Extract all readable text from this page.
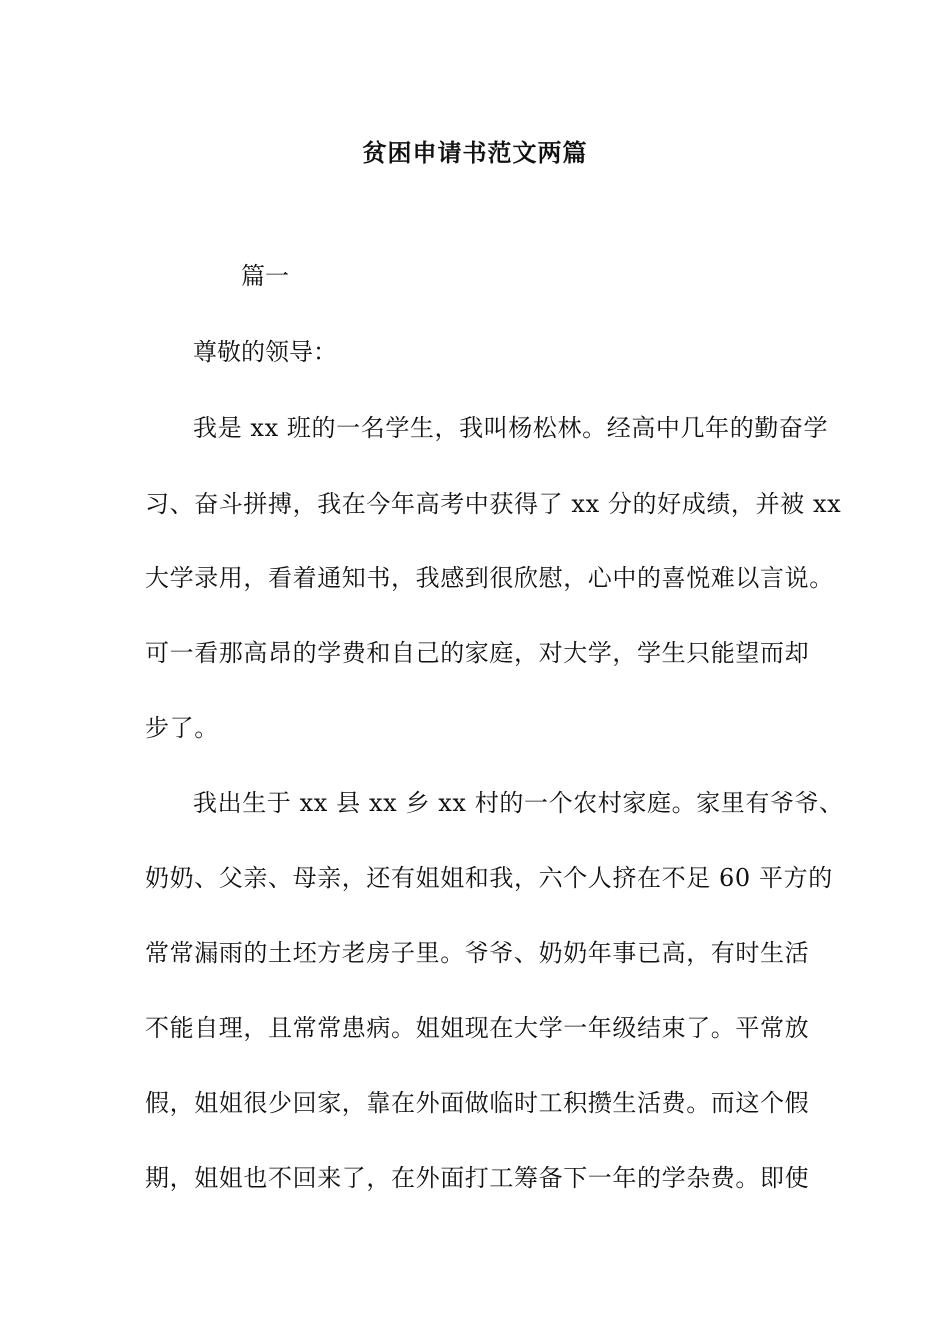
贫困申请书范文两篇
篇一
尊敬的领导：
我是 xx 班的一名学生，我叫杨松林。经高中几年的勤奋学
习、奋斗拼搏，我在今年高考中获得了 xx 分的好成绩，并被 xx
大学录用，看着通知书，我感到很欣慰，心中的喜悦难以言说。
可一看那高昂的学费和自己的家庭，对大学，学生只能望而却
步了。
我出生于 xx 县 xx 乡 xx 村的一个农村家庭。家里有爷爷、
奶奶、父亲、母亲，还有姐姐和我，六个人挤在不足 60 平方的
常常漏雨的土坯方老房子里。爷爷、奶奶年事已高，有时生活
不能自理，且常常患病。姐姐现在大学一年级结束了。平常放
假，姐姐很少回家，靠在外面做临时工积攒生活费。而这个假
期，姐姐也不回来了，在外面打工筹备下一年的学杂费。即使
